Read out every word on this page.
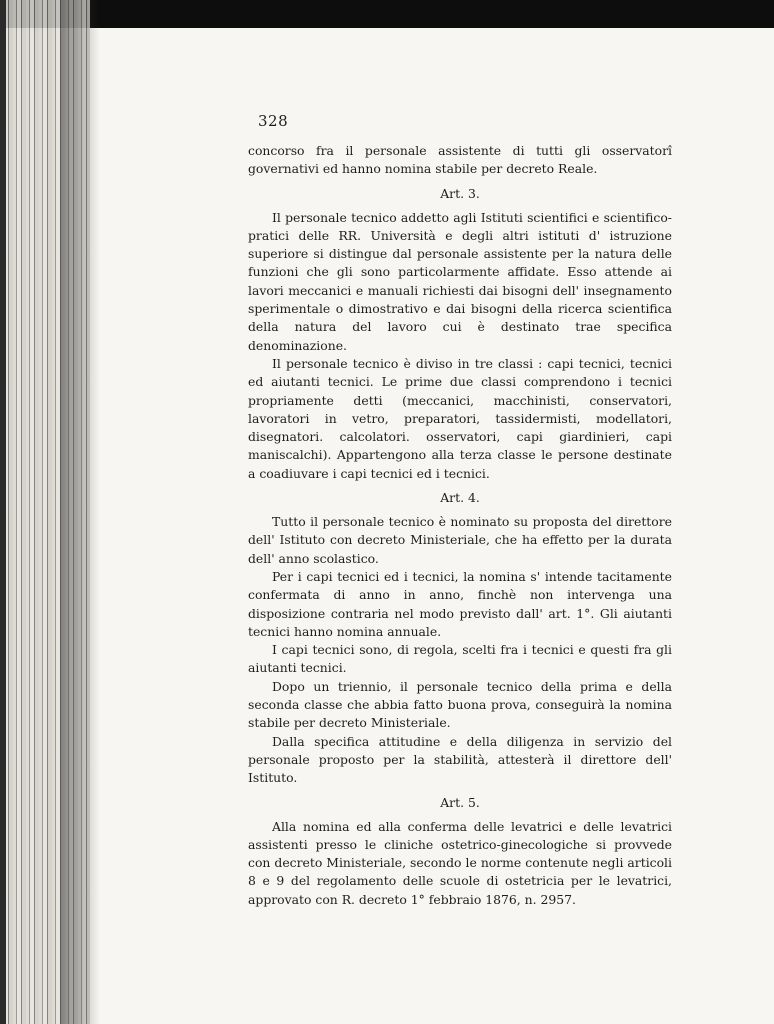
328

concorso fra il personale assistente di tutti gli osservatorî governativi ed hanno nomina stabile per decreto Reale.

Art. 3.

Il personale tecnico addetto agli Istituti scientifici e scientifico-pratici delle RR. Università e degli altri istituti d' istruzione superiore si distingue dal personale assistente per la natura delle funzioni che gli sono particolarmente affidate. Esso attende ai lavori meccanici e manuali richiesti dai bisogni dell' insegnamento sperimentale o dimostrativo e dai bisogni della ricerca scientifica della natura del lavoro cui è destinato trae specifica denominazione.

Il personale tecnico è diviso in tre classi : capi tecnici, tecnici ed aiutanti tecnici. Le prime due classi comprendono i tecnici propriamente detti (meccanici, macchinisti, conservatori, lavoratori in vetro, preparatori, tassidermisti, modellatori, disegnatori. calcolatori. osservatori, capi giardinieri, capi maniscalchi). Appartengono alla terza classe le persone destinate a coadiuvare i capi tecnici ed i tecnici.

Art. 4.

Tutto il personale tecnico è nominato su proposta del direttore dell' Istituto con decreto Ministeriale, che ha effetto per la durata dell' anno scolastico.

Per i capi tecnici ed i tecnici, la nomina s' intende tacitamente confermata di anno in anno, finchè non intervenga una disposizione contraria nel modo previsto dall' art. 1°. Gli aiutanti tecnici hanno nomina annuale.

I capi tecnici sono, di regola, scelti fra i tecnici e questi fra gli aiutanti tecnici.

Dopo un triennio, il personale tecnico della prima e della seconda classe che abbia fatto buona prova, conseguirà la nomina stabile per decreto Ministeriale.

Dalla specifica attitudine e della diligenza in servizio del personale proposto per la stabilità, attesterà il direttore dell' Istituto.

Art. 5.

Alla nomina ed alla conferma delle levatrici e delle levatrici assistenti presso le cliniche ostetrico-ginecologiche si provvede con decreto Ministeriale, secondo le norme contenute negli articoli 8 e 9 del regolamento delle scuole di ostetricia per le levatrici, approvato con R. decreto 1° febbraio 1876, n. 2957.
